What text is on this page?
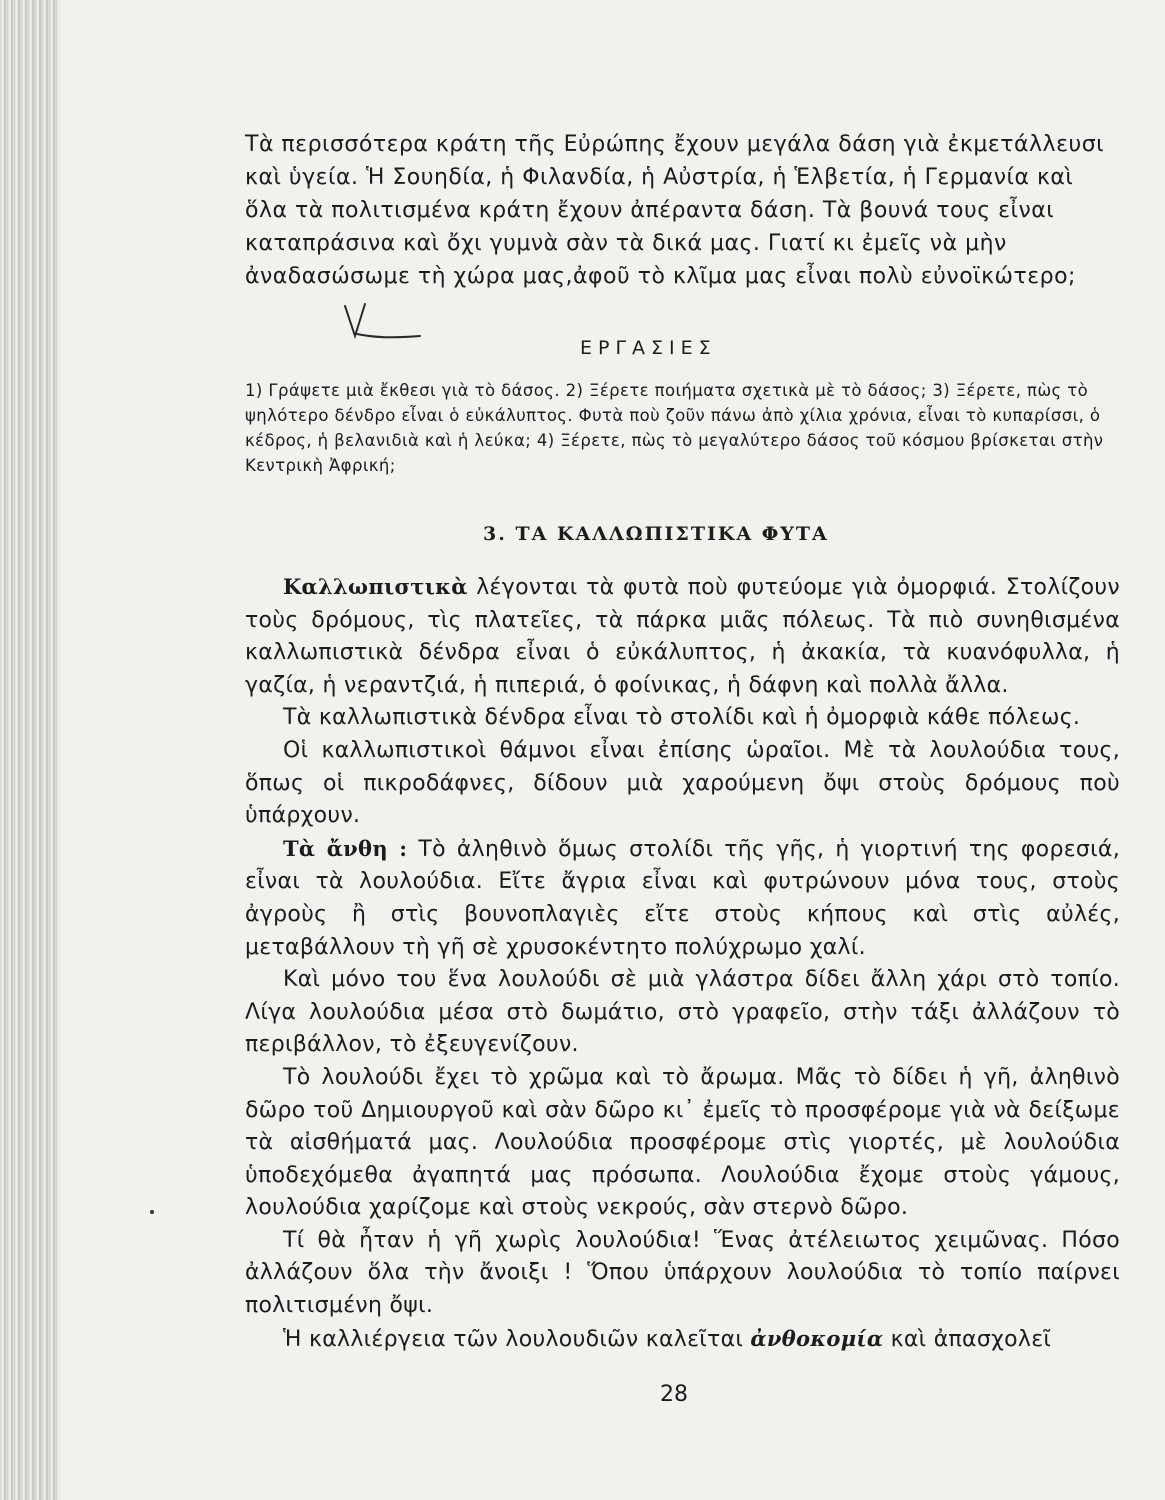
Τὰ περισσότερα κράτη τῆς Εὐρώπης ἔχουν μεγάλα δάση γιὰ ἐκμετάλλευσι καὶ ὑγεία. Ἡ Σουηδία, ἡ Φιλανδία, ἡ Αὐστρία, ἡ Ἑλβετία, ἡ Γερμανία καὶ ὅλα τὰ πολιτισμένα κράτη ἔχουν ἀπέραντα δάση. Τὰ βουνά τους εἶναι καταπράσινα καὶ ὄχι γυμνὰ σὰν τὰ δικά μας. Γιατί κι ἐμεῖς νὰ μὴν ἀναδασώσωμε τὴ χώρα μας,ἀφοῦ τὸ κλῖμα μας εἶναι πολὺ εὐνοϊκώτερο;
ΕΡΓΑΣΙΕΣ
1) Γράψετε μιὰ ἔκθεσι γιὰ τὸ δάσος. 2) Ξέρετε ποιήματα σχετικὰ μὲ τὸ δάσος; 3) Ξέρετε, πὼς τὸ ψηλότερο δένδρο εἶναι ὁ εὐκάλυπτος. Φυτὰ ποὺ ζοῦν πάνω ἀπὸ χίλια χρόνια, εἶναι τὸ κυπαρίσσι, ὁ κέδρος, ἡ βελανιδιὰ καὶ ἡ λεύκα; 4) Ξέρετε, πὼς τὸ μεγαλύτερο δάσος τοῦ κόσμου βρίσκεται στὴν Κεντρικὴ Ἀφρική;
3. ΤΑ ΚΑΛΛΩΠΙΣΤΙΚΑ ΦΥΤΑ

Καλλωπιστικὰ λέγονται τὰ φυτὰ ποὺ φυτεύομε γιὰ ὀμορφιά. Στολίζουν τοὺς δρόμους, τὶς πλατεῖες, τὰ πάρκα μιᾶς πόλεως. Τὰ πιὸ συνηθισμένα καλλωπιστικὰ δένδρα εἶναι ὁ εὐκάλυπτος, ἡ ἀκακία, τὰ κυανόφυλλα, ἡ γαζία, ἡ νεραντζιά, ἡ πιπεριά, ὁ φοίνικας, ἡ δάφνη καὶ πολλὰ ἄλλα.

Τὰ καλλωπιστικὰ δένδρα εἶναι τὸ στολίδι καὶ ἡ ὀμορφιὰ κάθε πόλεως.

Οἱ καλλωπιστικοὶ θάμνοι εἶναι ἐπίσης ὡραῖοι. Μὲ τὰ λουλούδια τους, ὅπως οἱ πικροδάφνες, δίδουν μιὰ χαρούμενη ὄψι στοὺς δρόμους ποὺ ὑπάρχουν.

Τὰ ἄνθη : Τὸ ἀληθινὸ ὅμως στολίδι τῆς γῆς, ἡ γιορτινή της φορεσιά, εἶναι τὰ λουλούδια. Εἴτε ἄγρια εἶναι καὶ φυτρώνουν μόνα τους, στοὺς ἀγροὺς ἢ στὶς βουνοπλαγιὲς εἴτε στοὺς κήπους καὶ στὶς αὐλές, μεταβάλλουν τὴ γῆ σὲ χρυσοκέντητο πολύχρωμο χαλί.

Καὶ μόνο του ἕνα λουλούδι σὲ μιὰ γλάστρα δίδει ἄλλη χάρι στὸ τοπίο. Λίγα λουλούδια μέσα στὸ δωμάτιο, στὸ γραφεῖο, στὴν τάξι ἀλλάζουν τὸ περιβάλλον, τὸ ἐξευγενίζουν.

Τὸ λουλούδι ἔχει τὸ χρῶμα καὶ τὸ ἄρωμα. Μᾶς τὸ δίδει ἡ γῆ, ἀληθινὸ δῶρο τοῦ Δημιουργοῦ καὶ σὰν δῶρο κι᾿ ἐμεῖς τὸ προσφέρομε γιὰ νὰ δείξωμε τὰ αἰσθήματά μας. Λουλούδια προσφέρομε στὶς γιορτές, μὲ λουλούδια ὑποδεχόμεθα ἀγαπητά μας πρόσωπα. Λουλούδια ἔχομε στοὺς γάμους, λουλούδια χαρίζομε καὶ στοὺς νεκρούς, σὰν στερνὸ δῶρο.

Τί θὰ ἦταν ἡ γῆ χωρὶς λουλούδια! Ἕνας ἀτέλειωτος χειμῶνας. Πόσο ἀλλάζουν ὅλα τὴν ἄνοιξι ! Ὅπου ὑπάρχουν λουλούδια τὸ τοπίο παίρνει πολιτισμένη ὄψι.

Ἡ καλλιέργεια τῶν λουλουδιῶν καλεῖται ἀνθοκομία καὶ ἀπασχολεῖ

28
